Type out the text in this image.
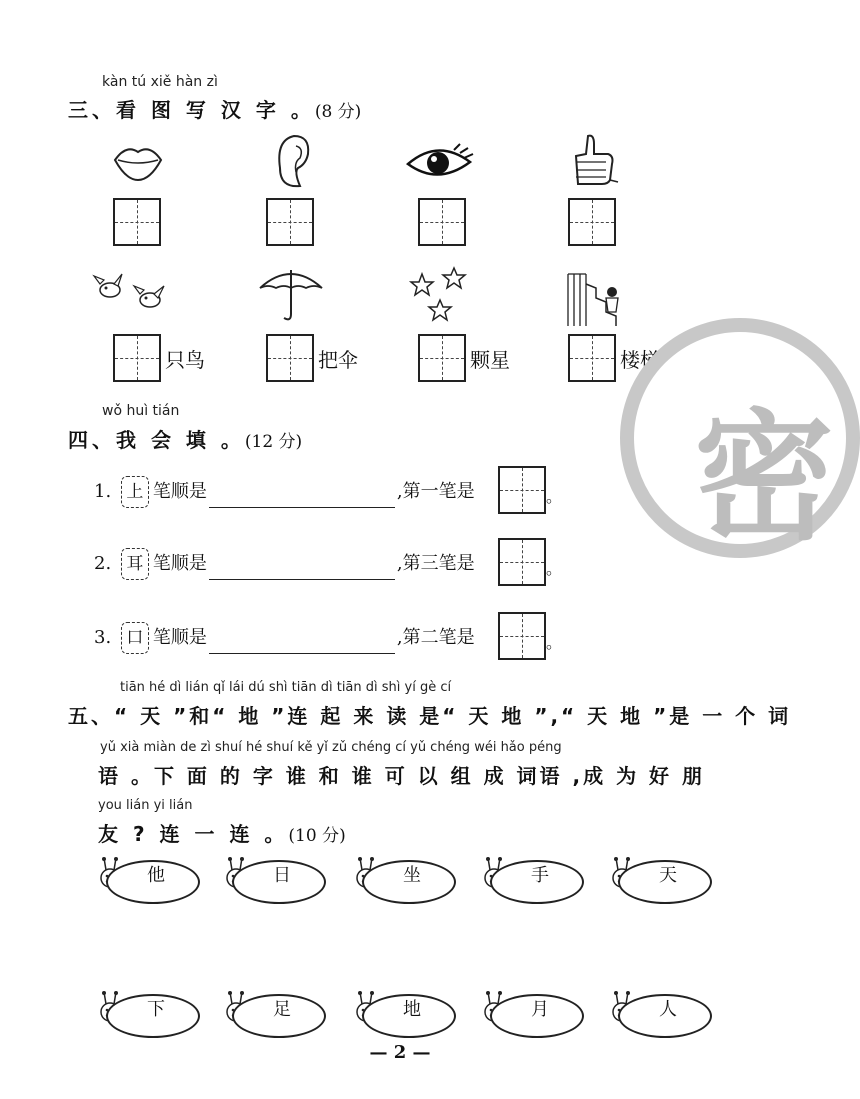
kàn tú xiě hàn zì
三、看 图 写 汉 字 。(8 分)
只鸟	把伞	颗星	楼梯
密
wǒ huì tián
四、我 会 填 。(12 分)
1. 上 笔顺是	,第一笔是	。
2. 耳 笔顺是	,第三笔是	。
3. 口 笔顺是	,第二笔是	。
tiān hé dì lián qǐ lái dú shì tiān dì tiān dì shì yí gè cí
五、“ 天 ”和“ 地 ”连 起 来 读 是“ 天 地 ”,“ 天 地 ”是 一 个 词
yǔ xià miàn de zì shuí hé shuí kě yǐ zǔ chéng cí yǔ chéng wéi hǎo péng
语 。下 面 的 字 谁 和 谁 可 以 组 成 词语 ,成 为 好 朋
you lián yi lián
友 ? 连 一 连 。(10 分)
他	日	坐	手	天
下	足	地	月	人
— 2 —
